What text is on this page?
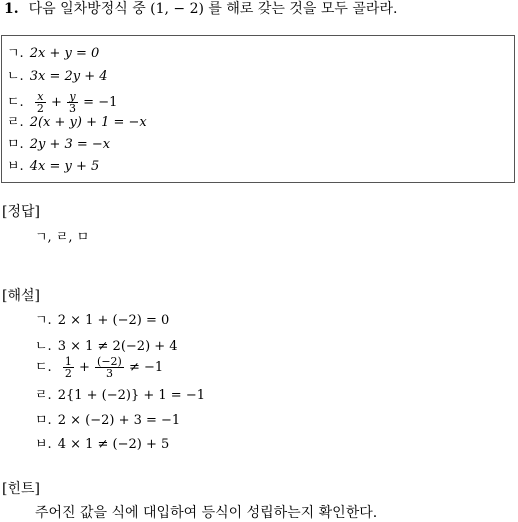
1. 다음 일차방정식 중 (1, − 2) 를 해로 갖는 것을 모두 골라라.
ㄱ. 2x + y = 0
ㄴ. 3x = 2y + 4
ㄷ. $\frac{x}{2} + \frac{y}{3} = -1$
ㄹ. 2(x + y) + 1 = −x
ㅁ. 2y + 3 = −x
ㅂ. 4x = y + 5
[정답]
ㄱ, ㄹ, ㅁ
[해설]
ㄱ. 2 × 1 + (−2) = 0
ㄴ. 3 × 1 ≠ 2(−2) + 4
ㄷ. $\frac{1}{2} + \frac{(-2)}{3} \ne -1$
ㄹ. 2{1 + (−2)} + 1 = −1
ㅁ. 2 × (−2) + 3 = −1
ㅂ. 4 × 1 ≠ (−2) + 5
[힌트]
주어진 값을 식에 대입하여 등식이 성립하는지 확인한다.
